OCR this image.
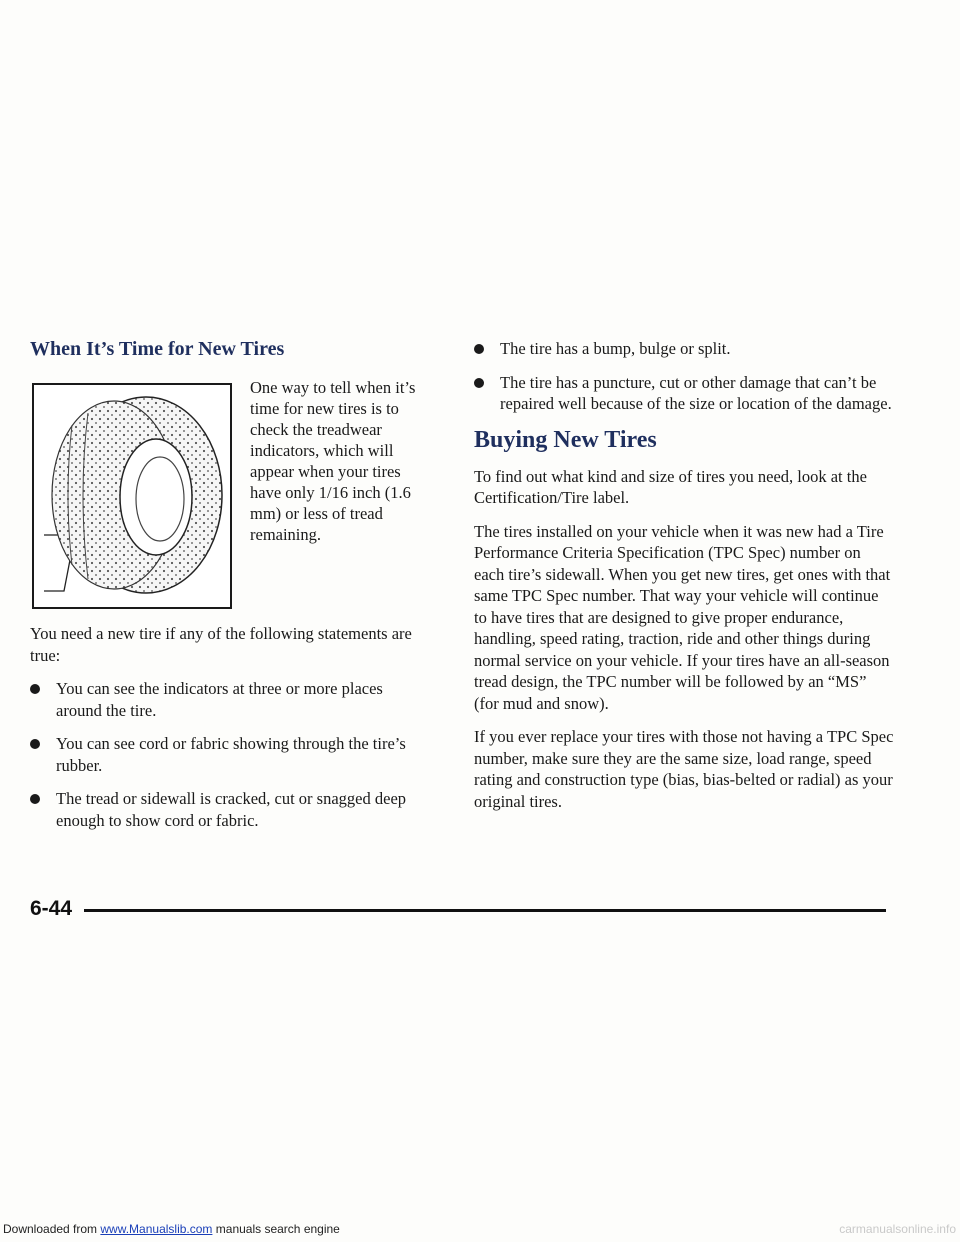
When It’s Time for New Tires

One way to tell when it’s time for new tires is to check the treadwear indicators, which will appear when your tires have only 1/16 inch (1.6 mm) or less of tread remaining.

You need a new tire if any of the following statements are true:

You can see the indicators at three or more places around the tire.
You can see cord or fabric showing through the tire’s rubber.
The tread or sidewall is cracked, cut or snagged deep enough to show cord or fabric.
The tire has a bump, bulge or split.
The tire has a puncture, cut or other damage that can’t be repaired well because of the size or location of the damage.
Buying New Tires

To find out what kind and size of tires you need, look at the Certification/Tire label.

The tires installed on your vehicle when it was new had a Tire Performance Criteria Specification (TPC Spec) number on each tire’s sidewall. When you get new tires, get ones with that same TPC Spec number. That way your vehicle will continue to have tires that are designed to give proper endurance, handling, speed rating, traction, ride and other things during normal service on your vehicle. If your tires have an all-season tread design, the TPC number will be followed by an “MS” (for mud and snow).

If you ever replace your tires with those not having a TPC Spec number, make sure they are the same size, load range, speed rating and construction type (bias, bias-belted or radial) as your original tires.

6-44
Downloaded from www.Manualslib.com manuals search engine	carmanualsonline.info
